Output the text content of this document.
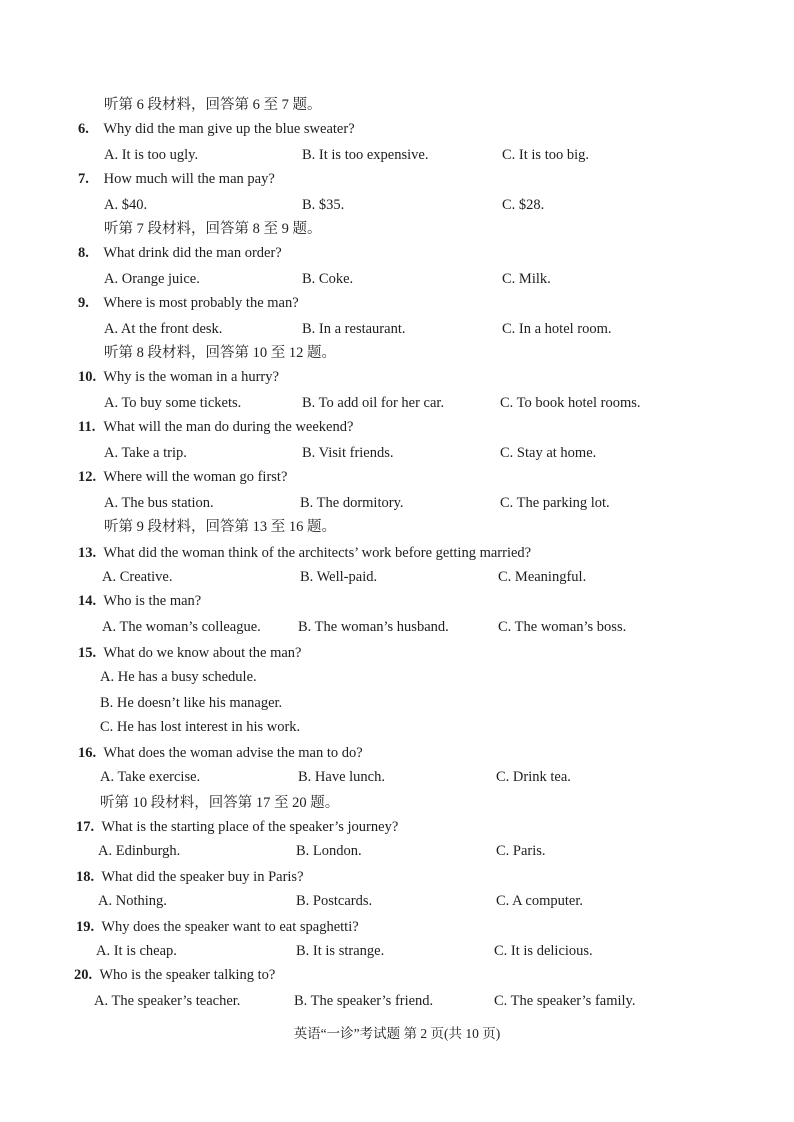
听第 6 段材料，回答第 6 至 7 题。
6. Why did the man give up the blue sweater?
A. It is too ugly.	B. It is too expensive.	C. It is too big.
7. How much will the man pay?
A. $40.	B. $35.	C. $28.
听第 7 段材料，回答第 8 至 9 题。
8. What drink did the man order?
A. Orange juice.	B. Coke.	C. Milk.
9. Where is most probably the man?
A. At the front desk.	B. In a restaurant.	C. In a hotel room.
听第 8 段材料，回答第 10 至 12 题。
10. Why is the woman in a hurry?
A. To buy some tickets.	B. To add oil for her car.	C. To book hotel rooms.
11. What will the man do during the weekend?
A. Take a trip.	B. Visit friends.	C. Stay at home.
12. Where will the woman go first?
A. The bus station.	B. The dormitory.	C. The parking lot.
听第 9 段材料，回答第 13 至 16 题。
13. What did the woman think of the architects’ work before getting married?
A. Creative.	B. Well-paid.	C. Meaningful.
14. Who is the man?
A. The woman’s colleague.	B. The woman’s husband.	C. The woman’s boss.
15. What do we know about the man?
A. He has a busy schedule.
B. He doesn’t like his manager.
C. He has lost interest in his work.
16. What does the woman advise the man to do?
A. Take exercise.	B. Have lunch.	C. Drink tea.
听第 10 段材料，回答第 17 至 20 题。
17. What is the starting place of the speaker’s journey?
A. Edinburgh.	B. London.	C. Paris.
18. What did the speaker buy in Paris?
A. Nothing.	B. Postcards.	C. A computer.
19. Why does the speaker want to eat spaghetti?
A. It is cheap.	B. It is strange.	C. It is delicious.
20. Who is the speaker talking to?
A. The speaker’s teacher.	B. The speaker’s friend.	C. The speaker’s family.
英语“一诊”考试题 第 2 页(共 10 页)
